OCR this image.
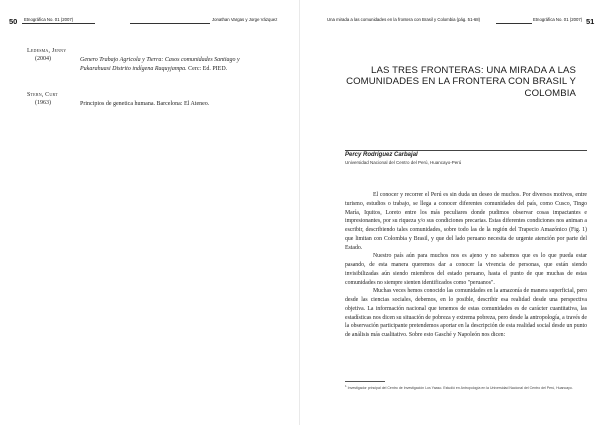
50 Etnográfica No. 01 (2007)	Jonathan Vargas y Jorge Vázquez
Ledesma, Jenny
(2004)	Genero Trabajo Agricola y Tierra: Casos comunidades Santiago y Pukarahuasi Distrito indígena Raquyjampa. Cerc: Ed. PIED.
Stern, Curt
(1963)	Principios de genetica humana. Barcelona: El Ateneo.
Una mirada a las comunidades en la frontera con Brasil y Colombia (pág. 51-68)	Etnográfica No. 01 (2007) 51
LAS TRES FRONTERAS: UNA MIRADA A LAS COMUNIDADES EN LA FRONTERA CON BRASIL Y COLOMBIA
Percy Rodríguez Carbajal
Universidad Nacional del Centro del Perú, Huancayo-Perú

El conocer y recorrer el Perú es sin duda un deseo de muchos. Por diversos motivos, entre turismo, estudios o trabajo, se llega a conocer diferentes comunidades del país, como Cusco, Tingo María, Iquitos, Loreto entre los más peculiares donde pudimos observar cosas impactantes e impresionantes, por su riqueza y/o sus condiciones precarias. Estas diferentes condiciones nos animan a escribir, describiendo tales comunidades, sobre todo las de la región del Trapecio Amazónico (Fig. 1) que limitan con Colombia y Brasil, y que del lado peruano necesita de urgente atención por parte del Estado.

Nuestro país aún para muchos nos es ajeno y no sabemos que es lo que pueda estar pasando, de esta manera queremos dar a conocer la vivencia de personas, que están siendo invisibilizadas aún siendo miembros del estado peruano, hasta el punto de que muchas de estas comunidades no siempre sienten identificados como "peruanos".

Muchas veces hemos conocido las comunidades en la amazonía de manera superficial, pero desde las ciencias sociales, debemos, en lo posible, describir esa realidad desde una perspectiva objetiva. La información nacional que tenemos de estas comunidades es de carácter cuantitativa, las estadísticas nos dicen su situación de pobreza y extrema pobreza, pero desde la antropología, a través de la observación participante pretendemos aportar en la descripción de esta realidad social desde un punto de análisis más cualitativo. Sobre esto Gasché y Napoleón nos dicen:

$^1$ Investigador principal del Centro de Investigación Los Yaaso. Estudió en Antropología en la Universidad Nacional del Centro del Perú, Huancayo.
